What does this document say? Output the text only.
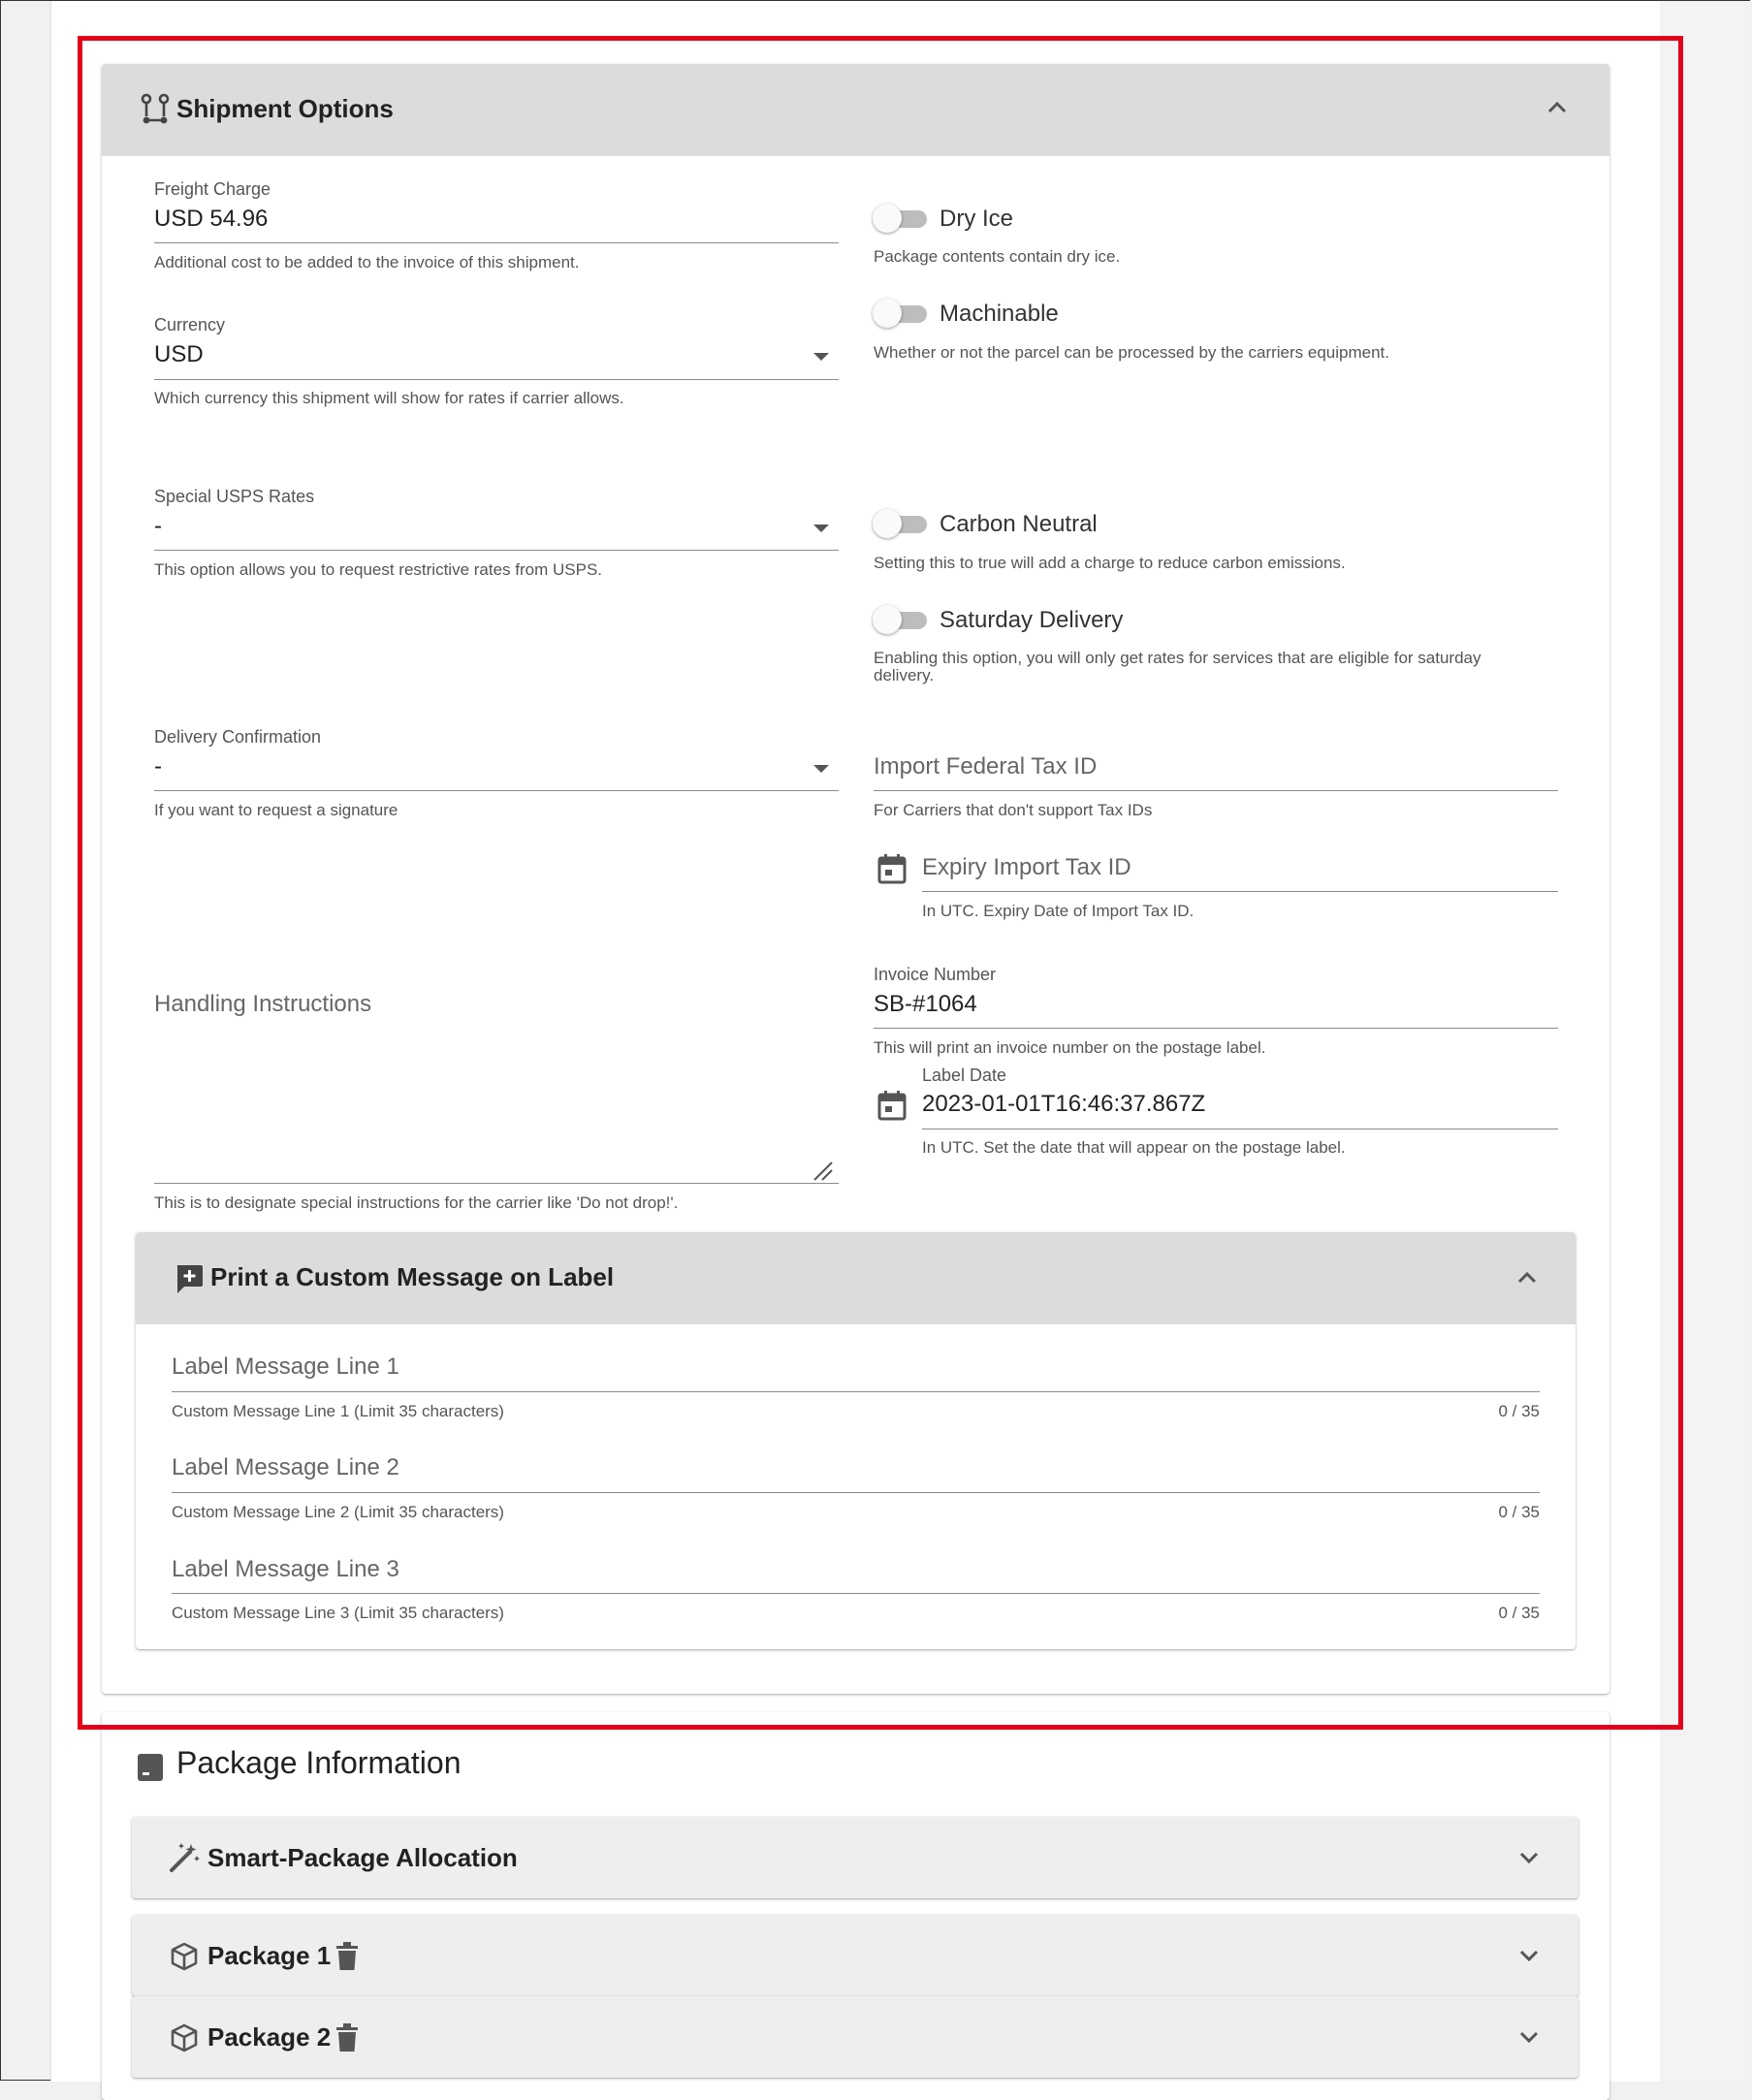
Shipment Options
Freight Charge
USD 54.96
Additional cost to be added to the invoice of this shipment.
Currency
USD
Which currency this shipment will show for rates if carrier allows.
Special USPS Rates
-
This option allows you to request restrictive rates from USPS.
Delivery Confirmation
-
If you want to request a signature
Handling Instructions
This is to designate special instructions for the carrier like 'Do not drop!'.
Dry Ice
Package contents contain dry ice.
Machinable
Whether or not the parcel can be processed by the carriers equipment.
Carbon Neutral
Setting this to true will add a charge to reduce carbon emissions.
Saturday Delivery
Enabling this option, you will only get rates for services that are eligible for saturday
delivery.
Import Federal Tax ID
For Carriers that don't support Tax IDs
Expiry Import Tax ID
In UTC. Expiry Date of Import Tax ID.
Invoice Number
SB-#1064
This will print an invoice number on the postage label.
Label Date
2023-01-01T16:46:37.867Z
In UTC. Set the date that will appear on the postage label.
Print a Custom Message on Label
Label Message Line 1
Custom Message Line 1 (Limit 35 characters)	0 / 35
Label Message Line 2
Custom Message Line 2 (Limit 35 characters)	0 / 35
Label Message Line 3
Custom Message Line 3 (Limit 35 characters)	0 / 35
Package Information
Smart-Package Allocation
Package 1
Package 2
